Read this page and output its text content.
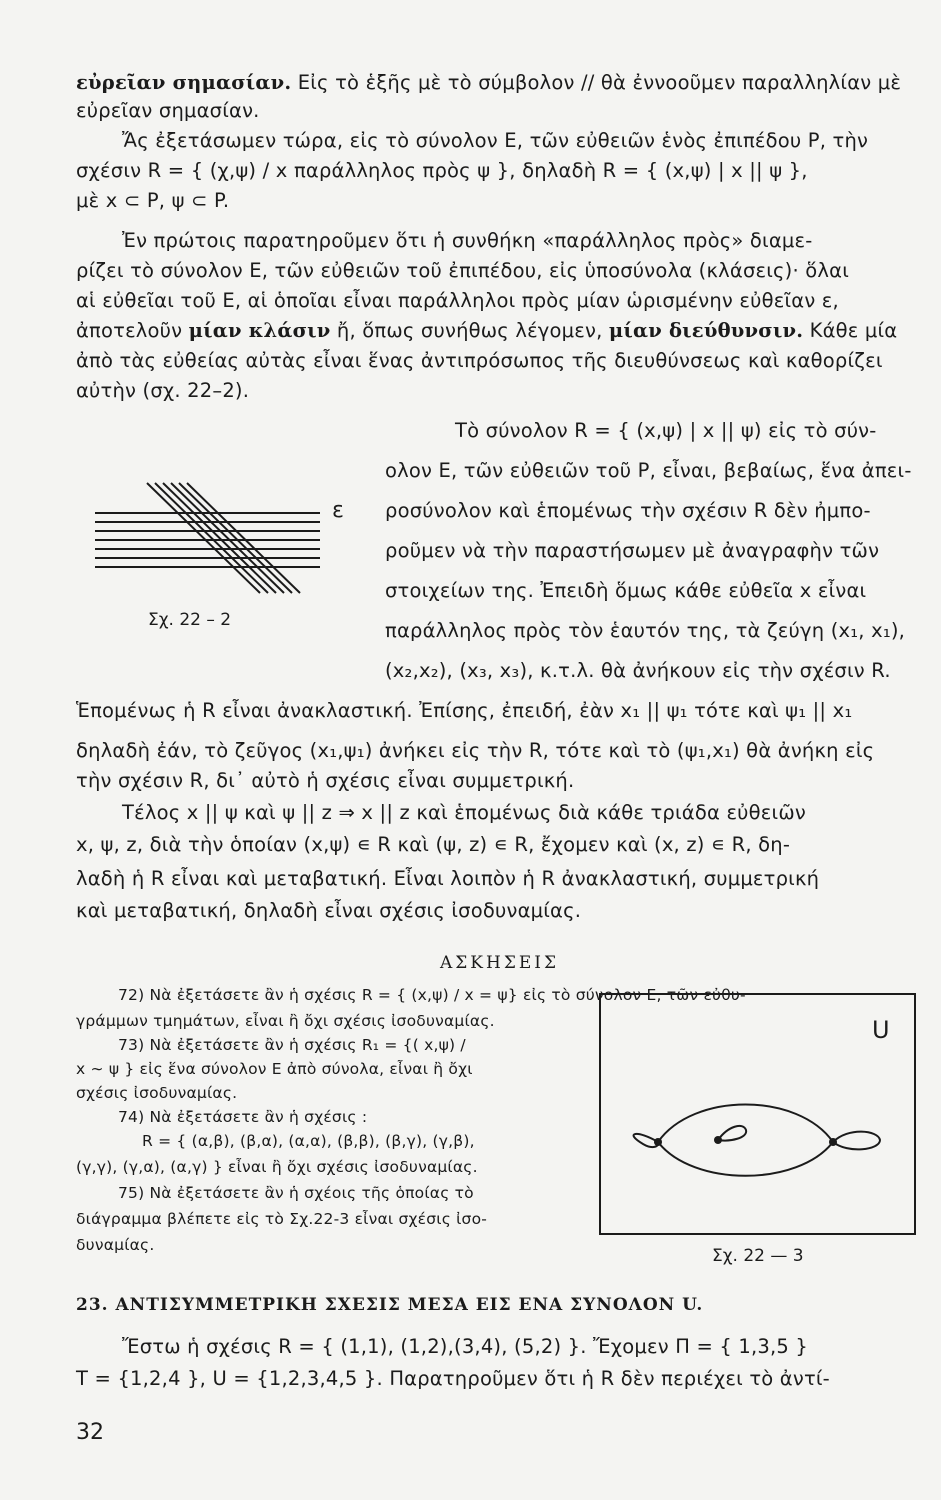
εὐρεῖαν σημασίαν. Εἰς τὸ ἑξῆς μὲ τὸ σύμβολον // θὰ ἐννοοῦμεν παραλληλίαν μὲ
εὐρεῖαν σημασίαν.
Ἄς ἐξετάσωμεν τώρα, εἰς τὸ σύνολον Ε, τῶν εὐθειῶν ἑνὸς ἐπιπέδου Ρ, τὴν
σχέσιν R = { (χ,ψ) / x παράλληλος πρὸς ψ }, δηλαδὴ R = { (x,ψ) | x || ψ },
μὲ x ⊂ P, ψ ⊂ P.
Ἐν πρώτοις παρατηροῦμεν ὅτι ἡ συνθήκη «παράλληλος πρὸς» διαμε-
ρίζει τὸ σύνολον Ε, τῶν εὐθειῶν τοῦ ἐπιπέδου, εἰς ὑποσύνολα (κλάσεις)· ὅλαι
αἱ εὐθεῖαι τοῦ Ε, αἱ ὁποῖαι εἶναι παράλληλοι πρὸς μίαν ὡρισμένην εὐθεῖαν ε,
ἀποτελοῦν μίαν κλάσιν ἤ, ὅπως συνήθως λέγομεν, μίαν διεύθυνσιν. Κάθε μία
ἀπὸ τὰς εὐθείας αὐτὰς εἶναι ἕνας ἀντιπρόσωπος τῆς διευθύνσεως καὶ καθορίζει
αὐτὴν (σχ. 22–2).
Τὸ σύνολον R = { (x,ψ) | x || ψ) εἰς τὸ σύν-
ολον Ε, τῶν εὐθειῶν τοῦ Ρ, εἶναι, βεβαίως, ἕνα ἀπει-
ροσύνολον καὶ ἑπομένως τὴν σχέσιν R δὲν ἠμπο-
ροῦμεν νὰ τὴν παραστήσωμεν μὲ ἀναγραφὴν τῶν
στοιχείων της. Ἐπειδὴ ὅμως κάθε εὐθεῖα x εἶναι
παράλληλος πρὸς τὸν ἑαυτόν της, τὰ ζεύγη (x₁, x₁),
(x₂,x₂), (x₃, x₃), κ.τ.λ. θὰ ἀνήκουν εἰς τὴν σχέσιν R.
ε
Σχ. 22 – 2
Ἑπομένως ἡ R εἶναι ἀνακλαστική. Ἐπίσης, ἐπειδή, ἐὰν x₁ || ψ₁ τότε καὶ ψ₁ || x₁
δηλαδὴ ἐάν, τὸ ζεῦγος (x₁,ψ₁) ἀνήκει εἰς τὴν R, τότε καὶ τὸ (ψ₁,x₁) θὰ ἀνήκη εἰς
τὴν σχέσιν R, δι᾽ αὐτὸ ἡ σχέσις εἶναι συμμετρική.
Τέλος x || ψ καὶ ψ || z ⇒ x || z καὶ ἑπομένως διὰ κάθε τριάδα εὐθειῶν
x, ψ, z, διὰ τὴν ὁποίαν (x,ψ) ∊ R καὶ (ψ, z) ∊ R, ἔχομεν καὶ (x, z) ∊ R, δη-
λαδὴ ἡ R εἶναι καὶ μεταβατική. Εἶναι λοιπὸν ἡ R ἀνακλαστική, συμμετρική
καὶ μεταβατική, δηλαδὴ εἶναι σχέσις ἰσοδυναμίας.
ΑΣΚΗΣΕΙΣ
72) Νὰ ἐξετάσετε ἂν ἡ σχέσις R = { (x,ψ) / x = ψ} εἰς τὸ σύνολον Ε, τῶν εὐθυ-
γράμμων τμημάτων, εἶναι ἢ ὄχι σχέσις ἰσοδυναμίας.
73) Νὰ ἐξετάσετε ἂν ἡ σχέσις R₁ = {( x,ψ) /
x ∼ ψ } εἰς ἕνα σύνολον Ε ἀπὸ σύνολα, εἶναι ἢ ὄχι
σχέσις ἰσοδυναμίας.
74) Νὰ ἐξετάσετε ἂν ἡ σχέσις :
R = { (α,β), (β,α), (α,α), (β,β), (β,γ), (γ,β),
(γ,γ), (γ,α), (α,γ) } εἶναι ἢ ὄχι σχέσις ἰσοδυναμίας.
75) Νὰ ἐξετάσετε ἂν ἡ σχέοις τῆς ὁποίας τὸ
διάγραμμα βλέπετε εἰς τὸ Σχ.22-3 εἶναι σχέσις ἰσο-
δυναμίας.
U
Σχ. 22 — 3
23. ΑΝΤΙΣΥΜΜΕΤΡΙΚΗ ΣΧΕΣΙΣ ΜΕΣΑ ΕΙΣ ΕΝΑ ΣΥΝΟΛΟΝ U.
Ἔστω ἡ σχέσις R = { (1,1), (1,2),(3,4), (5,2) }. Ἔχομεν Π = { 1,3,5 }
T = {1,2,4 }, U = {1,2,3,4,5 }. Παρατηροῦμεν ὅτι ἡ R δὲν περιέχει τὸ ἀντί-
32
